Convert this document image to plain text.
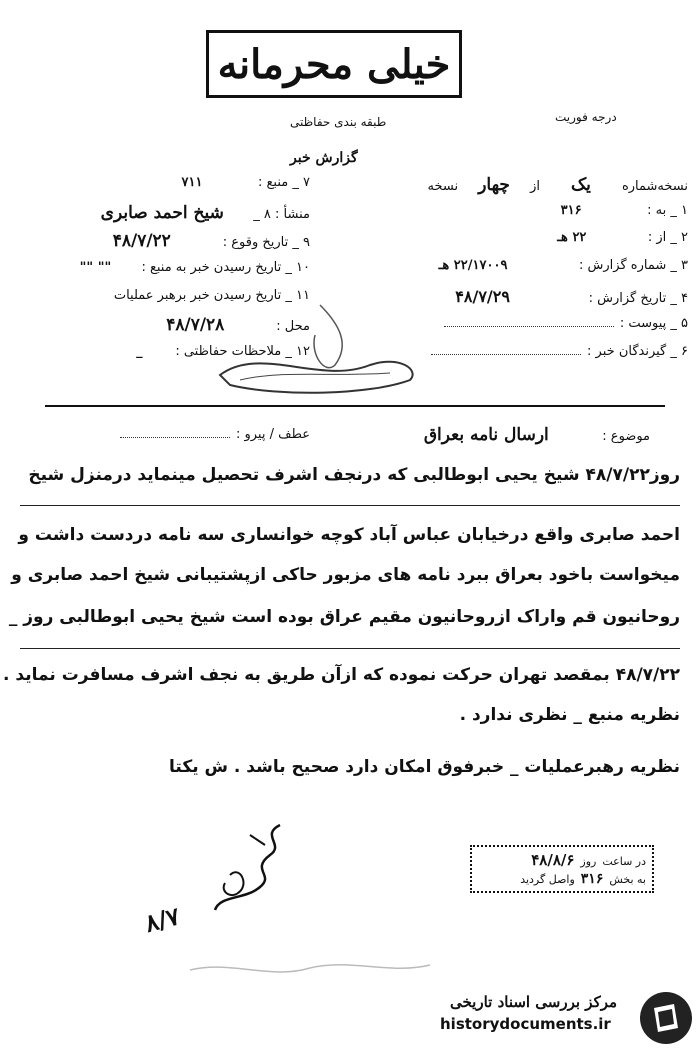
خیلی محرمانه
طبقه بندی حفاظتی	درجه فوریت
گزارش خبر
نسخه‌شماره
یک
از
چهار
نسخه
۱ _ به :
۳۱۶
۲ _ از :
۲۲ هـ
۳ _ شماره گزارش :
۲۲/۱۷۰۰۹ هـ
۴ _ تاریخ گزارش :
۴۸/۷/۲۹
۵ _ پیوست :
۶ _ گیرندگان خبر :
۷ _ منبع :
۷۱۱
منشأ : ۸ _
شیخ احمد صابری
۹ _ تاریخ وقوع :
۴۸/۷/۲۲
۱۰ _ تاریخ رسیدن خبر به منبع :
"" ""
۱۱ _ تاریخ رسیدن خبر برهبر عملیات
محل :
۴۸/۷/۲۸
۱۲ _ ملاحظات حفاظتی :
_
موضوع :
ارسال نامه بعراق
عطف / پیرو :
روز۴۸/۷/۲۲ شیخ یحیی ابوطالبی که درنجف اشرف تحصیل مینماید درمنزل شیخ
احمد صابری واقع درخیابان عباس آباد کوچه خوانساری سه نامه دردست داشت و
میخواست باخود بعراق ببرد نامه های مزبور حاکی ازپشتیبانی شیخ احمد صابری و
روحانیون قم واراک ازروحانیون مقیم عراق بوده است شیخ یحیی ابوطالبی روز _
۴۸/۷/۲۲ بمقصد تهران حرکت نموده که ازآن طریق به نجف اشرف مسافرت نماید .
نظریه منبع _ نظری ندارد .
نظریه رهبرعملیات _ خبرفوق امکان دارد صحیح باشد . ش یکتا
در ساعت
روز
۴۸/۸/۶
به بخش
۳۱۶
واصل گردید
۸/۷
مرکز بررسی اسناد تاریخی
historydocuments.ir
